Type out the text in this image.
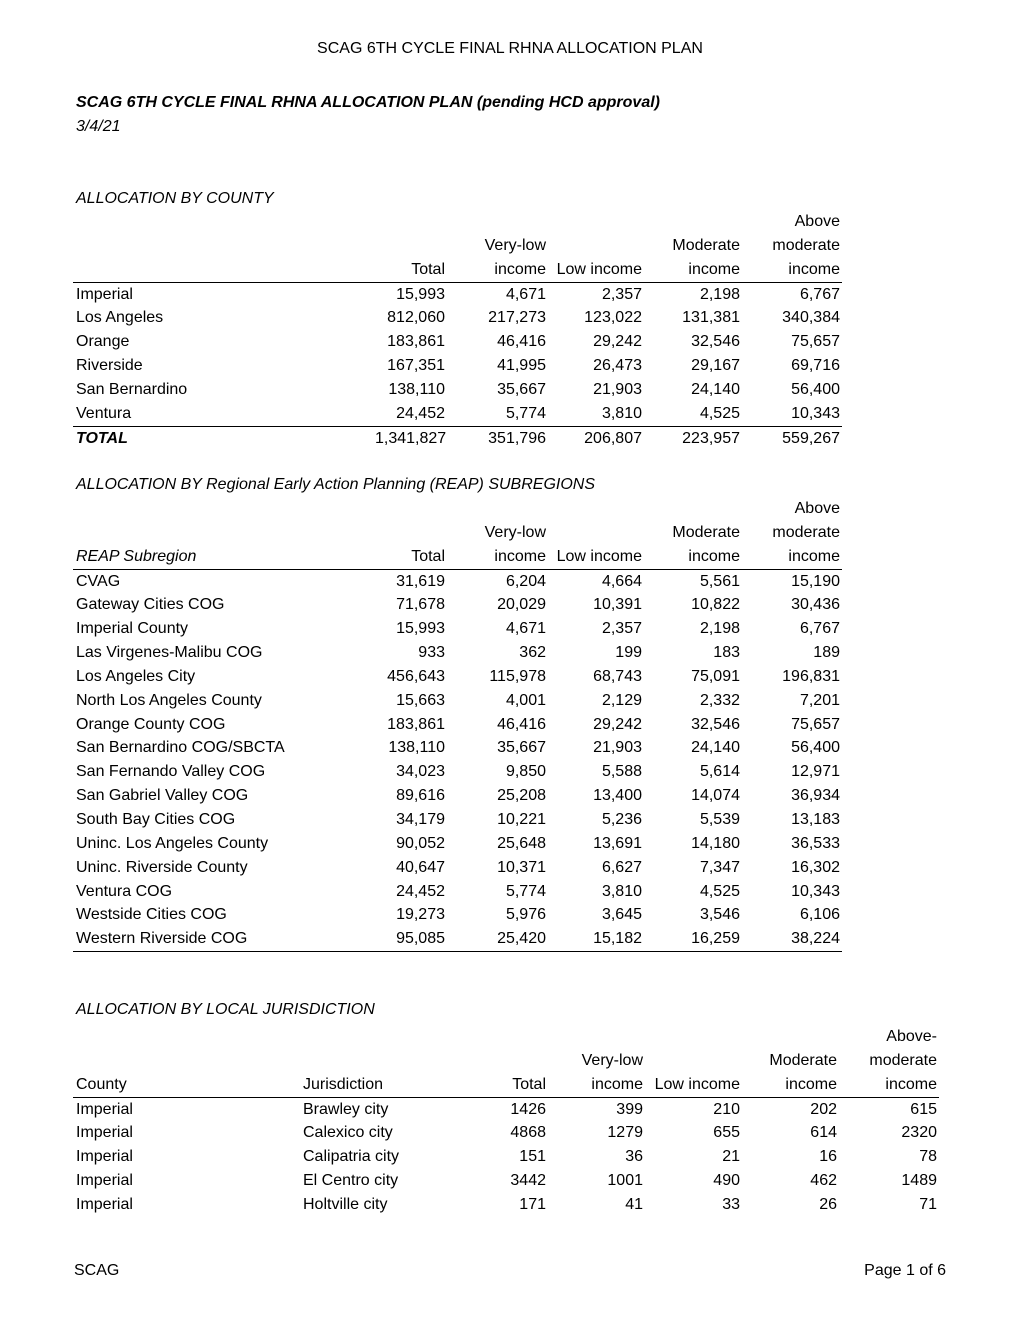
SCAG 6TH CYCLE FINAL RHNA ALLOCATION PLAN
SCAG 6TH CYCLE FINAL RHNA ALLOCATION PLAN (pending HCD approval)
3/4/21
ALLOCATION BY COUNTY
					Above
		Very-low		Moderate	moderate
	Total	income	Low income	income	income
Imperial	15,993	4,671	2,357	2,198	6,767
Los Angeles	812,060	217,273	123,022	131,381	340,384
Orange	183,861	46,416	29,242	32,546	75,657
Riverside	167,351	41,995	26,473	29,167	69,716
San Bernardino	138,110	35,667	21,903	24,140	56,400
Ventura	24,452	5,774	3,810	4,525	10,343
TOTAL	1,341,827	351,796	206,807	223,957	559,267
ALLOCATION BY Regional Early Action Planning (REAP) SUBREGIONS
					Above
		Very-low		Moderate	moderate
REAP Subregion	Total	income	Low income	income	income
CVAG	31,619	6,204	4,664	5,561	15,190
Gateway Cities COG	71,678	20,029	10,391	10,822	30,436
Imperial County	15,993	4,671	2,357	2,198	6,767
Las Virgenes-Malibu COG	933	362	199	183	189
Los Angeles City	456,643	115,978	68,743	75,091	196,831
North Los Angeles County	15,663	4,001	2,129	2,332	7,201
Orange County COG	183,861	46,416	29,242	32,546	75,657
San Bernardino COG/SBCTA	138,110	35,667	21,903	24,140	56,400
San Fernando Valley COG	34,023	9,850	5,588	5,614	12,971
San Gabriel Valley COG	89,616	25,208	13,400	14,074	36,934
South Bay Cities COG	34,179	10,221	5,236	5,539	13,183
Uninc. Los Angeles County	90,052	25,648	13,691	14,180	36,533
Uninc. Riverside County	40,647	10,371	6,627	7,347	16,302
Ventura COG	24,452	5,774	3,810	4,525	10,343
Westside Cities COG	19,273	5,976	3,645	3,546	6,106
Western Riverside COG	95,085	25,420	15,182	16,259	38,224
ALLOCATION BY LOCAL JURISDICTION
						Above-
			Very-low		Moderate	moderate
County	Jurisdiction	Total	income	Low income	income	income
Imperial	Brawley city	1426	399	210	202	615
Imperial	Calexico city	4868	1279	655	614	2320
Imperial	Calipatria city	151	36	21	16	78
Imperial	El Centro city	3442	1001	490	462	1489
Imperial	Holtville city	171	41	33	26	71
SCAG	Page 1 of 6
